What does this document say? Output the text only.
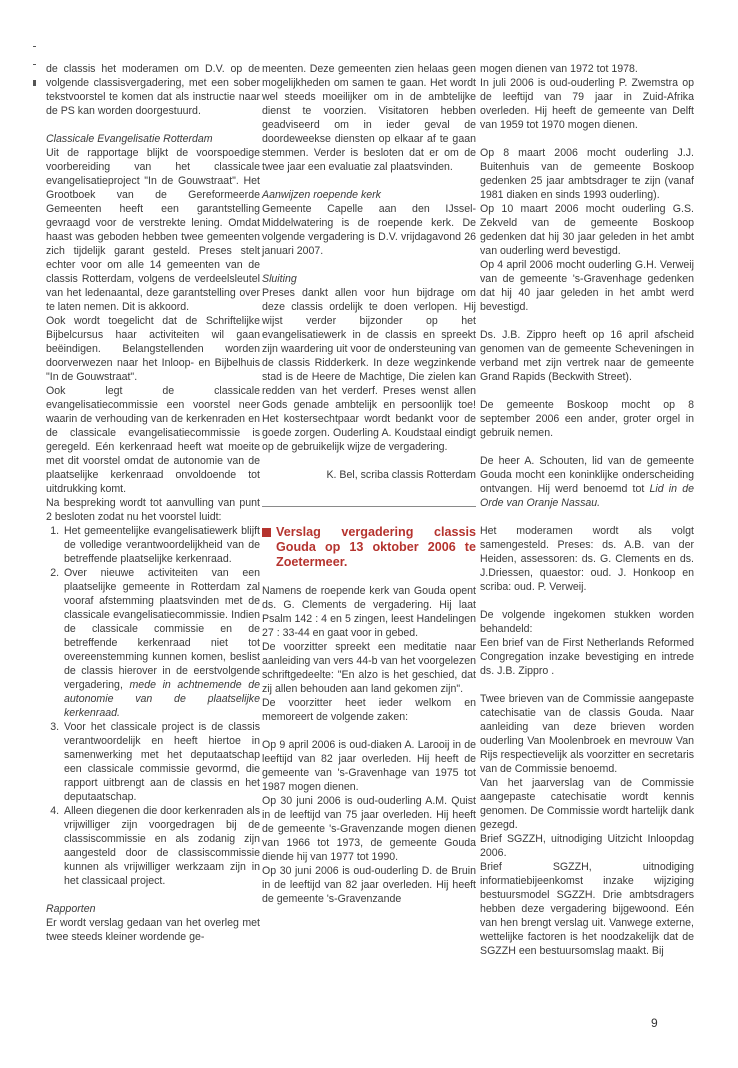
de classis het moderamen om D.V. op de volgende classisvergadering, met een sober tekstvoorstel te komen dat als instructie naar de PS kan worden doorgestuurd.

Classicale Evangelisatie Rotterdam

Uit de rapportage blijkt de voorspoedige voorbereiding van het classicale evangelisatieproject "In de Gouwstraat". Het Grootboek van de Gereformeerde Gemeenten heeft een garantstelling gevraagd voor de verstrekte lening. Omdat haast was geboden hebben twee gemeenten zich tijdelijk garant gesteld. Preses stelt echter voor om alle 14 gemeenten van de classis Rotterdam, volgens de verdeelsleutel van het ledenaantal, deze garantstelling over te laten nemen. Dit is akkoord.

Ook wordt toegelicht dat de Schriftelijke Bijbelcursus haar activiteiten wil gaan beëindigen. Belangstellenden worden doorverwezen naar het Inloop- en Bijbelhuis "In de Gouwstraat".

Ook legt de classicale evangelisatiecommissie een voorstel neer waarin de verhouding van de kerkenraden en de classicale evangelisatiecommissie is geregeld. Eén kerkenraad heeft wat moeite met dit voorstel omdat de autonomie van de plaatselijke kerkenraad onvoldoende tot uitdrukking komt.

Na bespreking wordt tot aanvulling van punt 2 besloten zodat nu het voorstel luidt:

1. Het gemeentelijke evangelisatiewerk blijft de volledige verantwoordelijkheid van de betreffende plaatselijke kerkenraad.
2. Over nieuwe activiteiten van een plaatselijke gemeente in Rotterdam zal vooraf afstemming plaatsvinden met de classicale evangelisatiecommissie. Indien de classicale commissie en de betreffende kerkenraad niet tot overeenstemming kunnen komen, beslist de classis hierover in de eerstvolgende vergadering, mede in achtnemende de autonomie van de plaatselijke kerkenraad.
3. Voor het classicale project is de classis verantwoordelijk en heeft hiertoe in samenwerking met het deputaatschap een classicale commissie gevormd, die rapport uitbrengt aan de classis en het deputaatschap.
4. Alleen diegenen die door kerkenraden als vrijwilliger zijn voorgedragen bij de classiscommissie en als zodanig zijn aangesteld door de classiscommissie kunnen als vrijwilliger werkzaam zijn in het classicaal project.

Rapporten

Er wordt verslag gedaan van het overleg met twee steeds kleiner wordende ge-

meenten. Deze gemeenten zien helaas geen mogelijkheden om samen te gaan. Het wordt wel steeds moeilijker om in de ambtelijke dienst te voorzien. Visitatoren hebben geadviseerd om in ieder geval de doordeweekse diensten op elkaar af te gaan stemmen. Verder is besloten dat er om de twee jaar een evaluatie zal plaatsvinden.

Aanwijzen roepende kerk

Gemeente Capelle aan den IJssel-Middelwatering is de roepende kerk. De volgende vergadering is D.V. vrijdagavond 26 januari 2007.

Sluiting

Preses dankt allen voor hun bijdrage om deze classis ordelijk te doen verlopen. Hij wijst verder bijzonder op het evangelisatiewerk in de classis en spreekt zijn waardering uit voor de ondersteuning van de classis Ridderkerk. In deze wegzinkende stad is de Heere de Machtige, Die zielen kan redden van het verderf. Preses wenst allen Gods genade ambtelijk en persoonlijk toe! Het kostersechtpaar wordt bedankt voor de goede zorgen. Ouderling A. Koudstaal eindigt op de gebruikelijk wijze de vergadering.

K. Bel, scriba classis Rotterdam
Verslag vergadering classis Gouda op 13 oktober 2006 te Zoetermeer.

Namens de roepende kerk van Gouda opent ds. G. Clements de vergadering. Hij laat Psalm 142 : 4 en 5 zingen, leest Handelingen 27 : 33-44 en gaat voor in gebed.
De voorzitter spreekt een meditatie naar aanleiding van vers 44-b van het voorgelezen schriftgedeelte: "En alzo is het geschied, dat zij allen behouden aan land gekomen zijn".
De voorzitter heet ieder welkom en memoreert de volgende zaken:

Op 9 april 2006 is oud-diaken A. Larooij in de leeftijd van 82 jaar overleden. Hij heeft de gemeente van 's-Gravenhage van 1975 tot 1987 mogen dienen.
Op 30 juni 2006 is oud-ouderling A.M. Quist in de leeftijd van 75 jaar overleden. Hij heeft de gemeente 's-Gravenzande mogen dienen van 1966 tot 1973, de gemeente Gouda diende hij van 1977 tot 1990.
Op 30 juni 2006 is oud-ouderling D. de Bruin in de leeftijd van 82 jaar overleden. Hij heeft de gemeente 's-Gravenzande

mogen dienen van 1972 tot 1978.
In juli 2006 is oud-ouderling P. Zwemstra op de leeftijd van 79 jaar in Zuid-Afrika overleden. Hij heeft de gemeente van Delft van 1959 tot 1970 mogen dienen.

Op 8 maart 2006 mocht ouderling J.J. Buitenhuis van de gemeente Boskoop gedenken 25 jaar ambtsdrager te zijn (vanaf 1981 diaken en sinds 1993 ouderling).
Op 10 maart 2006 mocht ouderling G.S. Zekveld van de gemeente Boskoop gedenken dat hij 30 jaar geleden in het ambt van ouderling werd bevestigd.
Op 4 april 2006 mocht ouderling G.H. Verweij van de gemeente 's-Gravenhage gedenken dat hij 40 jaar geleden in het ambt werd bevestigd.

Ds. J.B. Zippro heeft op 16 april afscheid genomen van de gemeente Scheveningen in verband met zijn vertrek naar de gemeente Grand Rapids (Beckwith Street).

De gemeente Boskoop mocht op 8 september 2006 een ander, groter orgel in gebruik nemen.

De heer A. Schouten, lid van de gemeente Gouda mocht een koninklijke onderscheiding ontvangen. Hij werd benoemd tot Lid in de Orde van Oranje Nassau.

Het moderamen wordt als volgt samengesteld. Preses: ds. A.B. van der Heiden, assessoren: ds. G. Clements en ds. J.Driessen, quaestor: oud. J. Honkoop en scriba: oud. P. Verweij.

De volgende ingekomen stukken worden behandeld:
Een brief van de First Netherlands Reformed Congregation inzake bevestiging en intrede ds. J.B. Zippro .

Twee brieven van de Commissie aangepaste catechisatie van de classis Gouda. Naar aanleiding van deze brieven worden ouderling Van Moolenbroek en mevrouw Van Rijs respectievelijk als voorzitter en secretaris van de Commissie benoemd.
Van het jaarverslag van de Commissie aangepaste catechisatie wordt kennis genomen. De Commissie wordt hartelijk dank gezegd.
Brief SGZZH, uitnodiging Uitzicht Inloopdag 2006.
Brief SGZZH, uitnodiging informatiebijeenkomst inzake wijziging bestuursmodel SGZZH. Drie ambtsdragers hebben deze vergadering bijgewoond. Eén van hen brengt verslag uit. Vanwege externe, wettelijke factoren is het noodzakelijk dat de SGZZH een bestuursomslag maakt. Bij

9
